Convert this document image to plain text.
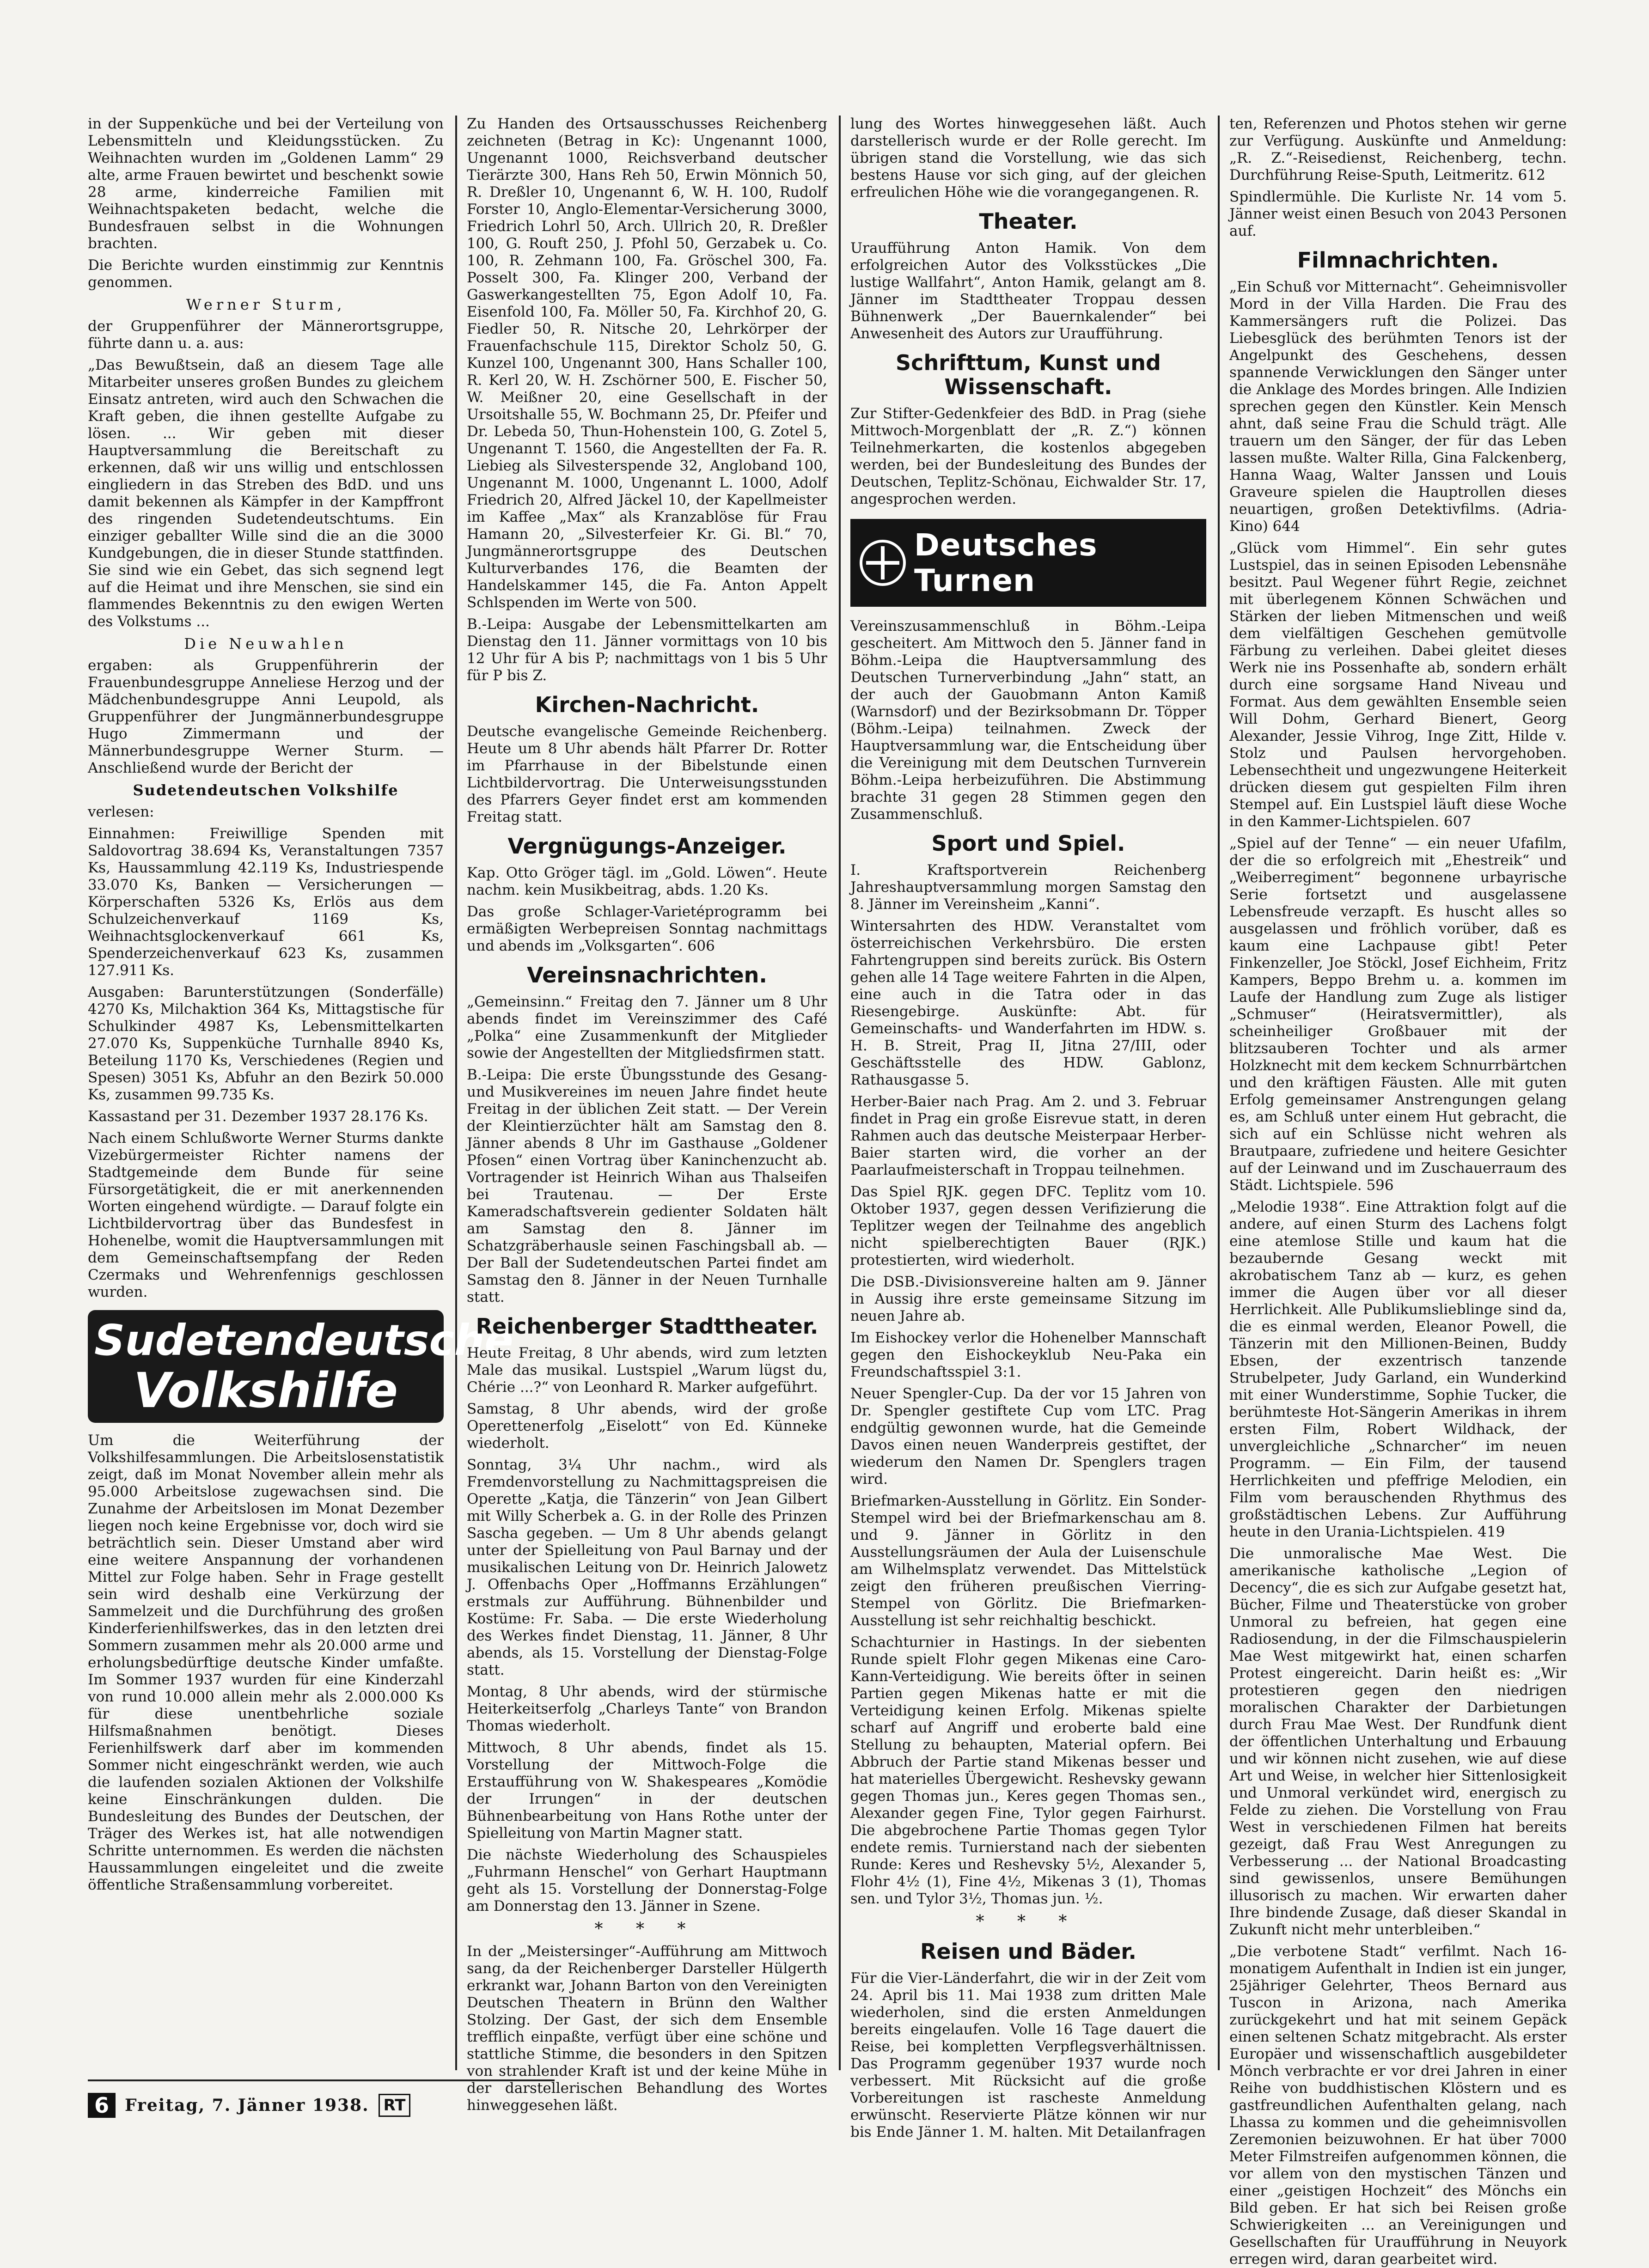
in der Suppenküche und bei der Verteilung von Lebensmitteln und Kleidungsstücken. Zu Weihnachten wurden im „Goldenen Lamm“ 29 alte, arme Frauen bewirtet und beschenkt sowie 28 arme, kinderreiche Familien mit Weihnachtspaketen bedacht, welche die Bundesfrauen selbst in die Wohnungen brachten.

Die Berichte wurden einstimmig zur Kenntnis genommen.

Werner Sturm,

der Gruppenführer der Männerortsgruppe, führte dann u. a. aus:

„Das Bewußtsein, daß an diesem Tage alle Mitarbeiter unseres großen Bundes zu gleichem Einsatz antreten, wird auch den Schwachen die Kraft geben, die ihnen gestellte Aufgabe zu lösen. ... Wir geben mit dieser Hauptversammlung die Bereitschaft zu erkennen, daß wir uns willig und entschlossen eingliedern in das Streben des BdD. und uns damit bekennen als Kämpfer in der Kampffront des ringenden Sudetendeutschtums. Ein einziger geballter Wille sind die an die 3000 Kundgebungen, die in dieser Stunde stattfinden. Sie sind wie ein Gebet, das sich segnend legt auf die Heimat und ihre Menschen, sie sind ein flammendes Bekenntnis zu den ewigen Werten des Volkstums ...

Die Neuwahlen

ergaben: als Gruppenführerin der Frauenbundesgruppe Anneliese Herzog und der Mädchenbundesgruppe Anni Leupold, als Gruppenführer der Jungmännerbundesgruppe Hugo Zimmermann und der Männerbundesgruppe Werner Sturm. — Anschließend wurde der Bericht der

Sudetendeutschen Volkshilfe

verlesen:

Einnahmen: Freiwillige Spenden mit Saldovortrag 38.694 Ks, Veranstaltungen 7357 Ks, Haussammlung 42.119 Ks, Industriespende 33.070 Ks, Banken — Versicherungen — Körperschaften 5326 Ks, Erlös aus dem Schulzeichenverkauf 1169 Ks, Weihnachtsglockenverkauf 661 Ks, Spenderzeichenverkauf 623 Ks, zusammen 127.911 Ks.

Ausgaben: Barunterstützungen (Sonderfälle) 4270 Ks, Milchaktion 364 Ks, Mittagstische für Schulkinder 4987 Ks, Lebensmittelkarten 27.070 Ks, Suppenküche Turnhalle 8940 Ks, Beteilung 1170 Ks, Verschiedenes (Regien und Spesen) 3051 Ks, Abfuhr an den Bezirk 50.000 Ks, zusammen 99.735 Ks.

Kassastand per 31. Dezember 1937 28.176 Ks.

Nach einem Schlußworte Werner Sturms dankte Vizebürgermeister Richter namens der Stadtgemeinde dem Bunde für seine Fürsorgetätigkeit, die er mit anerkennenden Worten eingehend würdigte. — Darauf folgte ein Lichtbildervortrag über das Bundesfest in Hohenelbe, womit die Hauptversammlungen mit dem Gemeinschaftsempfang der Reden Czermaks und Wehrenfennigs geschlossen wurden.

Sudetendeutsche
Volkshilfe

Um die Weiterführung der Volkshilfesammlungen. Die Arbeitslosenstatistik zeigt, daß im Monat November allein mehr als 95.000 Arbeitslose zugewachsen sind. Die Zunahme der Arbeitslosen im Monat Dezember liegen noch keine Ergebnisse vor, doch wird sie beträchtlich sein. Dieser Umstand aber wird eine weitere Anspannung der vorhandenen Mittel zur Folge haben. Sehr in Frage gestellt sein wird deshalb eine Verkürzung der Sammelzeit und die Durchführung des großen Kinderferienhilfswerkes, das in den letzten drei Sommern zusammen mehr als 20.000 arme und erholungsbedürftige deutsche Kinder umfaßte. Im Sommer 1937 wurden für eine Kinderzahl von rund 10.000 allein mehr als 2.000.000 Ks für diese unentbehrliche soziale Hilfsmaßnahmen benötigt. Dieses Ferienhilfswerk darf aber im kommenden Sommer nicht eingeschränkt werden, wie auch die laufenden sozialen Aktionen der Volkshilfe keine Einschränkungen dulden. Die Bundesleitung des Bundes der Deutschen, der Träger des Werkes ist, hat alle notwendigen Schritte unternommen. Es werden die nächsten Haussammlungen eingeleitet und die zweite öffentliche Straßensammlung vorbereitet.

Zu Handen des Ortsausschusses Reichenberg zeichneten (Betrag in Kc): Ungenannt 1000, Ungenannt 1000, Reichsverband deutscher Tierärzte 300, Hans Reh 50, Erwin Mönnich 50, R. Dreßler 10, Ungenannt 6, W. H. 100, Rudolf Forster 10, Anglo-Elementar-Versicherung 3000, Friedrich Lohrl 50, Arch. Ullrich 20, R. Dreßler 100, G. Rouft 250, J. Pfohl 50, Gerzabek u. Co. 100, R. Zehmann 100, Fa. Gröschel 300, Fa. Posselt 300, Fa. Klinger 200, Verband der Gaswerkangestellten 75, Egon Adolf 10, Fa. Eisenfold 100, Fa. Möller 50, Fa. Kirchhof 20, G. Fiedler 50, R. Nitsche 20, Lehrkörper der Frauenfachschule 115, Direktor Scholz 50, G. Kunzel 100, Ungenannt 300, Hans Schaller 100, R. Kerl 20, W. H. Zschörner 500, E. Fischer 50, W. Meißner 20, eine Gesellschaft in der Ursoitshalle 55, W. Bochmann 25, Dr. Pfeifer und Dr. Lebeda 50, Thun-Hohenstein 100, G. Zotel 5, Ungenannt T. 1560, die Angestellten der Fa. R. Liebieg als Silvesterspende 32, Angloband 100, Ungenannt M. 1000, Ungenannt L. 1000, Adolf Friedrich 20, Alfred Jäckel 10, der Kapellmeister im Kaffee „Max“ als Kranzablöse für Frau Hamann 20, „Silvesterfeier Kr. Gi. Bl.“ 70, Jungmännerortsgruppe des Deutschen Kulturverbandes 176, die Beamten der Handelskammer 145, die Fa. Anton Appelt Schlspenden im Werte von 500.

B.-Leipa: Ausgabe der Lebensmittelkarten am Dienstag den 11. Jänner vormittags von 10 bis 12 Uhr für A bis P; nachmittags von 1 bis 5 Uhr für P bis Z.

Kirchen-Nachricht.

Deutsche evangelische Gemeinde Reichenberg. Heute um 8 Uhr abends hält Pfarrer Dr. Rotter im Pfarrhause in der Bibelstunde einen Lichtbildervortrag. Die Unterweisungsstunden des Pfarrers Geyer findet erst am kommenden Freitag statt.

Vergnügungs-Anzeiger.

Kap. Otto Gröger tägl. im „Gold. Löwen“. Heute nachm. kein Musikbeitrag, abds. 1.20 Ks.

Das große Schlager-Varietéprogramm bei ermäßigten Werbepreisen Sonntag nachmittags und abends im „Volksgarten“. 606

Vereinsnachrichten.

„Gemeinsinn.“ Freitag den 7. Jänner um 8 Uhr abends findet im Vereinszimmer des Café „Polka“ eine Zusammenkunft der Mitglieder sowie der Angestellten der Mitgliedsfirmen statt.

B.-Leipa: Die erste Übungsstunde des Gesang- und Musikvereines im neuen Jahre findet heute Freitag in der üblichen Zeit statt. — Der Verein der Kleintierzüchter hält am Samstag den 8. Jänner abends 8 Uhr im Gasthause „Goldener Pfosen“ einen Vortrag über Kaninchenzucht ab. Vortragender ist Heinrich Wihan aus Thalseifen bei Trautenau. — Der Erste Kameradschaftsverein gedienter Soldaten hält am Samstag den 8. Jänner im Schatzgräberhausle seinen Faschingsball ab. — Der Ball der Sudetendeutschen Partei findet am Samstag den 8. Jänner in der Neuen Turnhalle statt.

Reichenberger Stadttheater.

Heute Freitag, 8 Uhr abends, wird zum letzten Male das musikal. Lustspiel „Warum lügst du, Chérie ...?“ von Leonhard R. Marker aufgeführt.

Samstag, 8 Uhr abends, wird der große Operettenerfolg „Eiselott“ von Ed. Künneke wiederholt.

Sonntag, 3¼ Uhr nachm., wird als Fremdenvorstellung zu Nachmittagspreisen die Operette „Katja, die Tänzerin“ von Jean Gilbert mit Willy Scherbek a. G. in der Rolle des Prinzen Sascha gegeben. — Um 8 Uhr abends gelangt unter der Spielleitung von Paul Barnay und der musikalischen Leitung von Dr. Heinrich Jalowetz J. Offenbachs Oper „Hoffmanns Erzählungen“ erstmals zur Aufführung. Bühnenbilder und Kostüme: Fr. Saba. — Die erste Wiederholung des Werkes findet Dienstag, 11. Jänner, 8 Uhr abends, als 15. Vorstellung der Dienstag-Folge statt.

Montag, 8 Uhr abends, wird der stürmische Heiterkeitserfolg „Charleys Tante“ von Brandon Thomas wiederholt.

Mittwoch, 8 Uhr abends, findet als 15. Vorstellung der Mittwoch-Folge die Erstaufführung von W. Shakespeares „Komödie der Irrungen“ in der deutschen Bühnenbearbeitung von Hans Rothe unter der Spielleitung von Martin Magner statt.

Die nächste Wiederholung des Schauspieles „Fuhrmann Henschel“ von Gerhart Hauptmann geht als 15. Vorstellung der Donnerstag-Folge am Donnerstag den 13. Jänner in Szene.

* * *

In der „Meistersinger“-Aufführung am Mittwoch sang, da der Reichenberger Darsteller Hülgerth erkrankt war, Johann Barton von den Vereinigten Deutschen Theatern in Brünn den Walther Stolzing. Der Gast, der sich dem Ensemble trefflich einpaßte, verfügt über eine schöne und stattliche Stimme, die besonders in den Spitzen von strahlender Kraft ist und der keine Mühe in der darstellerischen Behandlung des Wortes hinweggesehen läßt.

lung des Wortes hinweggesehen läßt. Auch darstellerisch wurde er der Rolle gerecht. Im übrigen stand die Vorstellung, wie das sich bestens Hause vor sich ging, auf der gleichen erfreulichen Höhe wie die vorangegangenen. R.

Theater.

Uraufführung Anton Hamik. Von dem erfolgreichen Autor des Volksstückes „Die lustige Wallfahrt“, Anton Hamik, gelangt am 8. Jänner im Stadttheater Troppau dessen Bühnenwerk „Der Bauernkalender“ bei Anwesenheit des Autors zur Uraufführung.

Schrifttum, Kunst und Wissenschaft.

Zur Stifter-Gedenkfeier des BdD. in Prag (siehe Mittwoch-Morgenblatt der „R. Z.“) können Teilnehmerkarten, die kostenlos abgegeben werden, bei der Bundesleitung des Bundes der Deutschen, Teplitz-Schönau, Eichwalder Str. 17, angesprochen werden.

Deutsches Turnen

Vereinszusammenschluß in Böhm.-Leipa gescheitert. Am Mittwoch den 5. Jänner fand in Böhm.-Leipa die Hauptversammlung des Deutschen Turnerverbindung „Jahn“ statt, an der auch der Gauobmann Anton Kamiß (Warnsdorf) und der Bezirksobmann Dr. Töpper (Böhm.-Leipa) teilnahmen. Zweck der Hauptversammlung war, die Entscheidung über die Vereinigung mit dem Deutschen Turnverein Böhm.-Leipa herbeizuführen. Die Abstimmung brachte 31 gegen 28 Stimmen gegen den Zusammenschluß.

Sport und Spiel.

I. Kraftsportverein Reichenberg Jahreshauptversammlung morgen Samstag den 8. Jänner im Vereinsheim „Kanni“.

Wintersahrten des HDW. Veranstaltet vom österreichischen Verkehrsbüro. Die ersten Fahrtengruppen sind bereits zurück. Bis Ostern gehen alle 14 Tage weitere Fahrten in die Alpen, eine auch in die Tatra oder in das Riesengebirge. Auskünfte: Abt. für Gemeinschafts- und Wanderfahrten im HDW. s. H. B. Streit, Prag II, Jitna 27/III, oder Geschäftsstelle des HDW. Gablonz, Rathausgasse 5.

Herber-Baier nach Prag. Am 2. und 3. Februar findet in Prag ein große Eisrevue statt, in deren Rahmen auch das deutsche Meisterpaar Herber-Baier starten wird, die vorher an der Paarlaufmeisterschaft in Troppau teilnehmen.

Das Spiel RJK. gegen DFC. Teplitz vom 10. Oktober 1937, gegen dessen Verifizierung die Teplitzer wegen der Teilnahme des angeblich nicht spielberechtigten Bauer (RJK.) protestierten, wird wiederholt.

Die DSB.-Divisionsvereine halten am 9. Jänner in Aussig ihre erste gemeinsame Sitzung im neuen Jahre ab.

Im Eishockey verlor die Hohenelber Mannschaft gegen den Eishockeyklub Neu-Paka ein Freundschaftsspiel 3:1.

Neuer Spengler-Cup. Da der vor 15 Jahren von Dr. Spengler gestiftete Cup vom LTC. Prag endgültig gewonnen wurde, hat die Gemeinde Davos einen neuen Wanderpreis gestiftet, der wiederum den Namen Dr. Spenglers tragen wird.

Briefmarken-Ausstellung in Görlitz. Ein Sonder-Stempel wird bei der Briefmarkenschau am 8. und 9. Jänner in Görlitz in den Ausstellungsräumen der Aula der Luisenschule am Wilhelmsplatz verwendet. Das Mittelstück zeigt den früheren preußischen Vierring-Stempel von Görlitz. Die Briefmarken-Ausstellung ist sehr reichhaltig beschickt.

Schachturnier in Hastings. In der siebenten Runde spielt Flohr gegen Mikenas eine Caro-Kann-Verteidigung. Wie bereits öfter in seinen Partien gegen Mikenas hatte er mit die Verteidigung keinen Erfolg. Mikenas spielte scharf auf Angriff und eroberte bald eine Stellung zu behaupten, Material opfern. Bei Abbruch der Partie stand Mikenas besser und hat materielles Übergewicht. Reshevsky gewann gegen Thomas jun., Keres gegen Thomas sen., Alexander gegen Fine, Tylor gegen Fairhurst. Die abgebrochene Partie Thomas gegen Tylor endete remis. Turnierstand nach der siebenten Runde: Keres und Reshevsky 5½, Alexander 5, Flohr 4½ (1), Fine 4½, Mikenas 3 (1), Thomas sen. und Tylor 3½, Thomas jun. ½.

* * *
Reisen und Bäder.

Für die Vier-Länderfahrt, die wir in der Zeit vom 24. April bis 11. Mai 1938 zum dritten Male wiederholen, sind die ersten Anmeldungen bereits eingelaufen. Volle 16 Tage dauert die Reise, bei kompletten Verpflegsverhältnissen. Das Programm gegenüber 1937 wurde noch verbessert. Mit Rücksicht auf die große Vorbereitungen ist rascheste Anmeldung erwünscht. Reservierte Plätze können wir nur bis Ende Jänner 1. M. halten. Mit Detailanfragen

ten, Referenzen und Photos stehen wir gerne zur Verfügung. Auskünfte und Anmeldung: „R. Z.“-Reisedienst, Reichenberg, techn. Durchführung Reise-Sputh, Leitmeritz. 612

Spindlermühle. Die Kurliste Nr. 14 vom 5. Jänner weist einen Besuch von 2043 Personen auf.

Filmnachrichten.

„Ein Schuß vor Mitternacht“. Geheimnisvoller Mord in der Villa Harden. Die Frau des Kammersängers ruft die Polizei. Das Liebesglück des berühmten Tenors ist der Angelpunkt des Geschehens, dessen spannende Verwicklungen den Sänger unter die Anklage des Mordes bringen. Alle Indizien sprechen gegen den Künstler. Kein Mensch ahnt, daß seine Frau die Schuld trägt. Alle trauern um den Sänger, der für das Leben lassen mußte. Walter Rilla, Gina Falckenberg, Hanna Waag, Walter Janssen und Louis Graveure spielen die Hauptrollen dieses neuartigen, großen Detektivfilms. (Adria-Kino) 644

„Glück vom Himmel“. Ein sehr gutes Lustspiel, das in seinen Episoden Lebensnähe besitzt. Paul Wegener führt Regie, zeichnet mit überlegenem Können Schwächen und Stärken der lieben Mitmenschen und weiß dem vielfältigen Geschehen gemütvolle Färbung zu verleihen. Dabei gleitet dieses Werk nie ins Possenhafte ab, sondern erhält durch eine sorgsame Hand Niveau und Format. Aus dem gewählten Ensemble seien Will Dohm, Gerhard Bienert, Georg Alexander, Jessie Vihrog, Inge Zitt, Hilde v. Stolz und Paulsen hervorgehoben. Lebensechtheit und ungezwungene Heiterkeit drücken diesem gut gespielten Film ihren Stempel auf. Ein Lustspiel läuft diese Woche in den Kammer-Lichtspielen. 607

„Spiel auf der Tenne“ — ein neuer Ufafilm, der die so erfolgreich mit „Ehestreik“ und „Weiberregiment“ begonnene urbayrische Serie fortsetzt und ausgelassene Lebensfreude verzapft. Es huscht alles so ausgelassen und fröhlich vorüber, daß es kaum eine Lachpause gibt! Peter Finkenzeller, Joe Stöckl, Josef Eichheim, Fritz Kampers, Beppo Brehm u. a. kommen im Laufe der Handlung zum Zuge als listiger „Schmuser“ (Heiratsvermittler), als scheinheiliger Großbauer mit der blitzsauberen Tochter und als armer Holzknecht mit dem keckem Schnurrbärtchen und den kräftigen Fäusten. Alle mit guten Erfolg gemeinsamer Anstrengungen gelang es, am Schluß unter einem Hut gebracht, die sich auf ein Schlüsse nicht wehren als Brautpaare, zufriedene und heitere Gesichter auf der Leinwand und im Zuschauerraum des Städt. Lichtspiele. 596

„Melodie 1938“. Eine Attraktion folgt auf die andere, auf einen Sturm des Lachens folgt eine atemlose Stille und kaum hat die bezaubernde Gesang weckt mit akrobatischem Tanz ab — kurz, es gehen immer die Augen über vor all dieser Herrlichkeit. Alle Publikumslieblinge sind da, die es einmal werden, Eleanor Powell, die Tänzerin mit den Millionen-Beinen, Buddy Ebsen, der exzentrisch tanzende Strubelpeter, Judy Garland, ein Wunderkind mit einer Wunderstimme, Sophie Tucker, die berühmteste Hot-Sängerin Amerikas in ihrem ersten Film, Robert Wildhack, der unvergleichliche „Schnarcher“ im neuen Programm. — Ein Film, der tausend Herrlichkeiten und pfeffrige Melodien, ein Film vom berauschenden Rhythmus des großstädtischen Lebens. Zur Aufführung heute in den Urania-Lichtspielen. 419

Die unmoralische Mae West. Die amerikanische katholische „Legion of Decency“, die es sich zur Aufgabe gesetzt hat, Bücher, Filme und Theaterstücke von grober Unmoral zu befreien, hat gegen eine Radiosendung, in der die Filmschauspielerin Mae West mitgewirkt hat, einen scharfen Protest eingereicht. Darin heißt es: „Wir protestieren gegen den niedrigen moralischen Charakter der Darbietungen durch Frau Mae West. Der Rundfunk dient der öffentlichen Unterhaltung und Erbauung und wir können nicht zusehen, wie auf diese Art und Weise, in welcher hier Sittenlosigkeit und Unmoral verkündet wird, energisch zu Felde zu ziehen. Die Vorstellung von Frau West in verschiedenen Filmen hat bereits gezeigt, daß Frau West Anregungen zu Verbesserung ... der National Broadcasting sind gewissenlos, unsere Bemühungen illusorisch zu machen. Wir erwarten daher Ihre bindende Zusage, daß dieser Skandal in Zukunft nicht mehr unterbleiben.“

„Die verbotene Stadt“ verfilmt. Nach 16-monatigem Aufenthalt in Indien ist ein junger, 25jähriger Gelehrter, Theos Bernard aus Tuscon in Arizona, nach Amerika zurückgekehrt und hat mit seinem Gepäck einen seltenen Schatz mitgebracht. Als erster Europäer und wissenschaftlich ausgebildeter Mönch verbrachte er vor drei Jahren in einer Reihe von buddhistischen Klöstern und es gastfreundlichen Aufenthalten gelang, nach Lhassa zu kommen und die geheimnisvollen Zeremonien beizuwohnen. Er hat über 7000 Meter Filmstreifen aufgenommen können, die vor allem von den mystischen Tänzen und einer „geistigen Hochzeit“ des Mönchs ein Bild geben. Er hat sich bei Reisen große Schwierigkeiten ... an Vereinigungen und Gesellschaften für Uraufführung in Neuyork erregen wird, daran gearbeitet wird.

6 Freitag, 7. Jänner 1938. RT
